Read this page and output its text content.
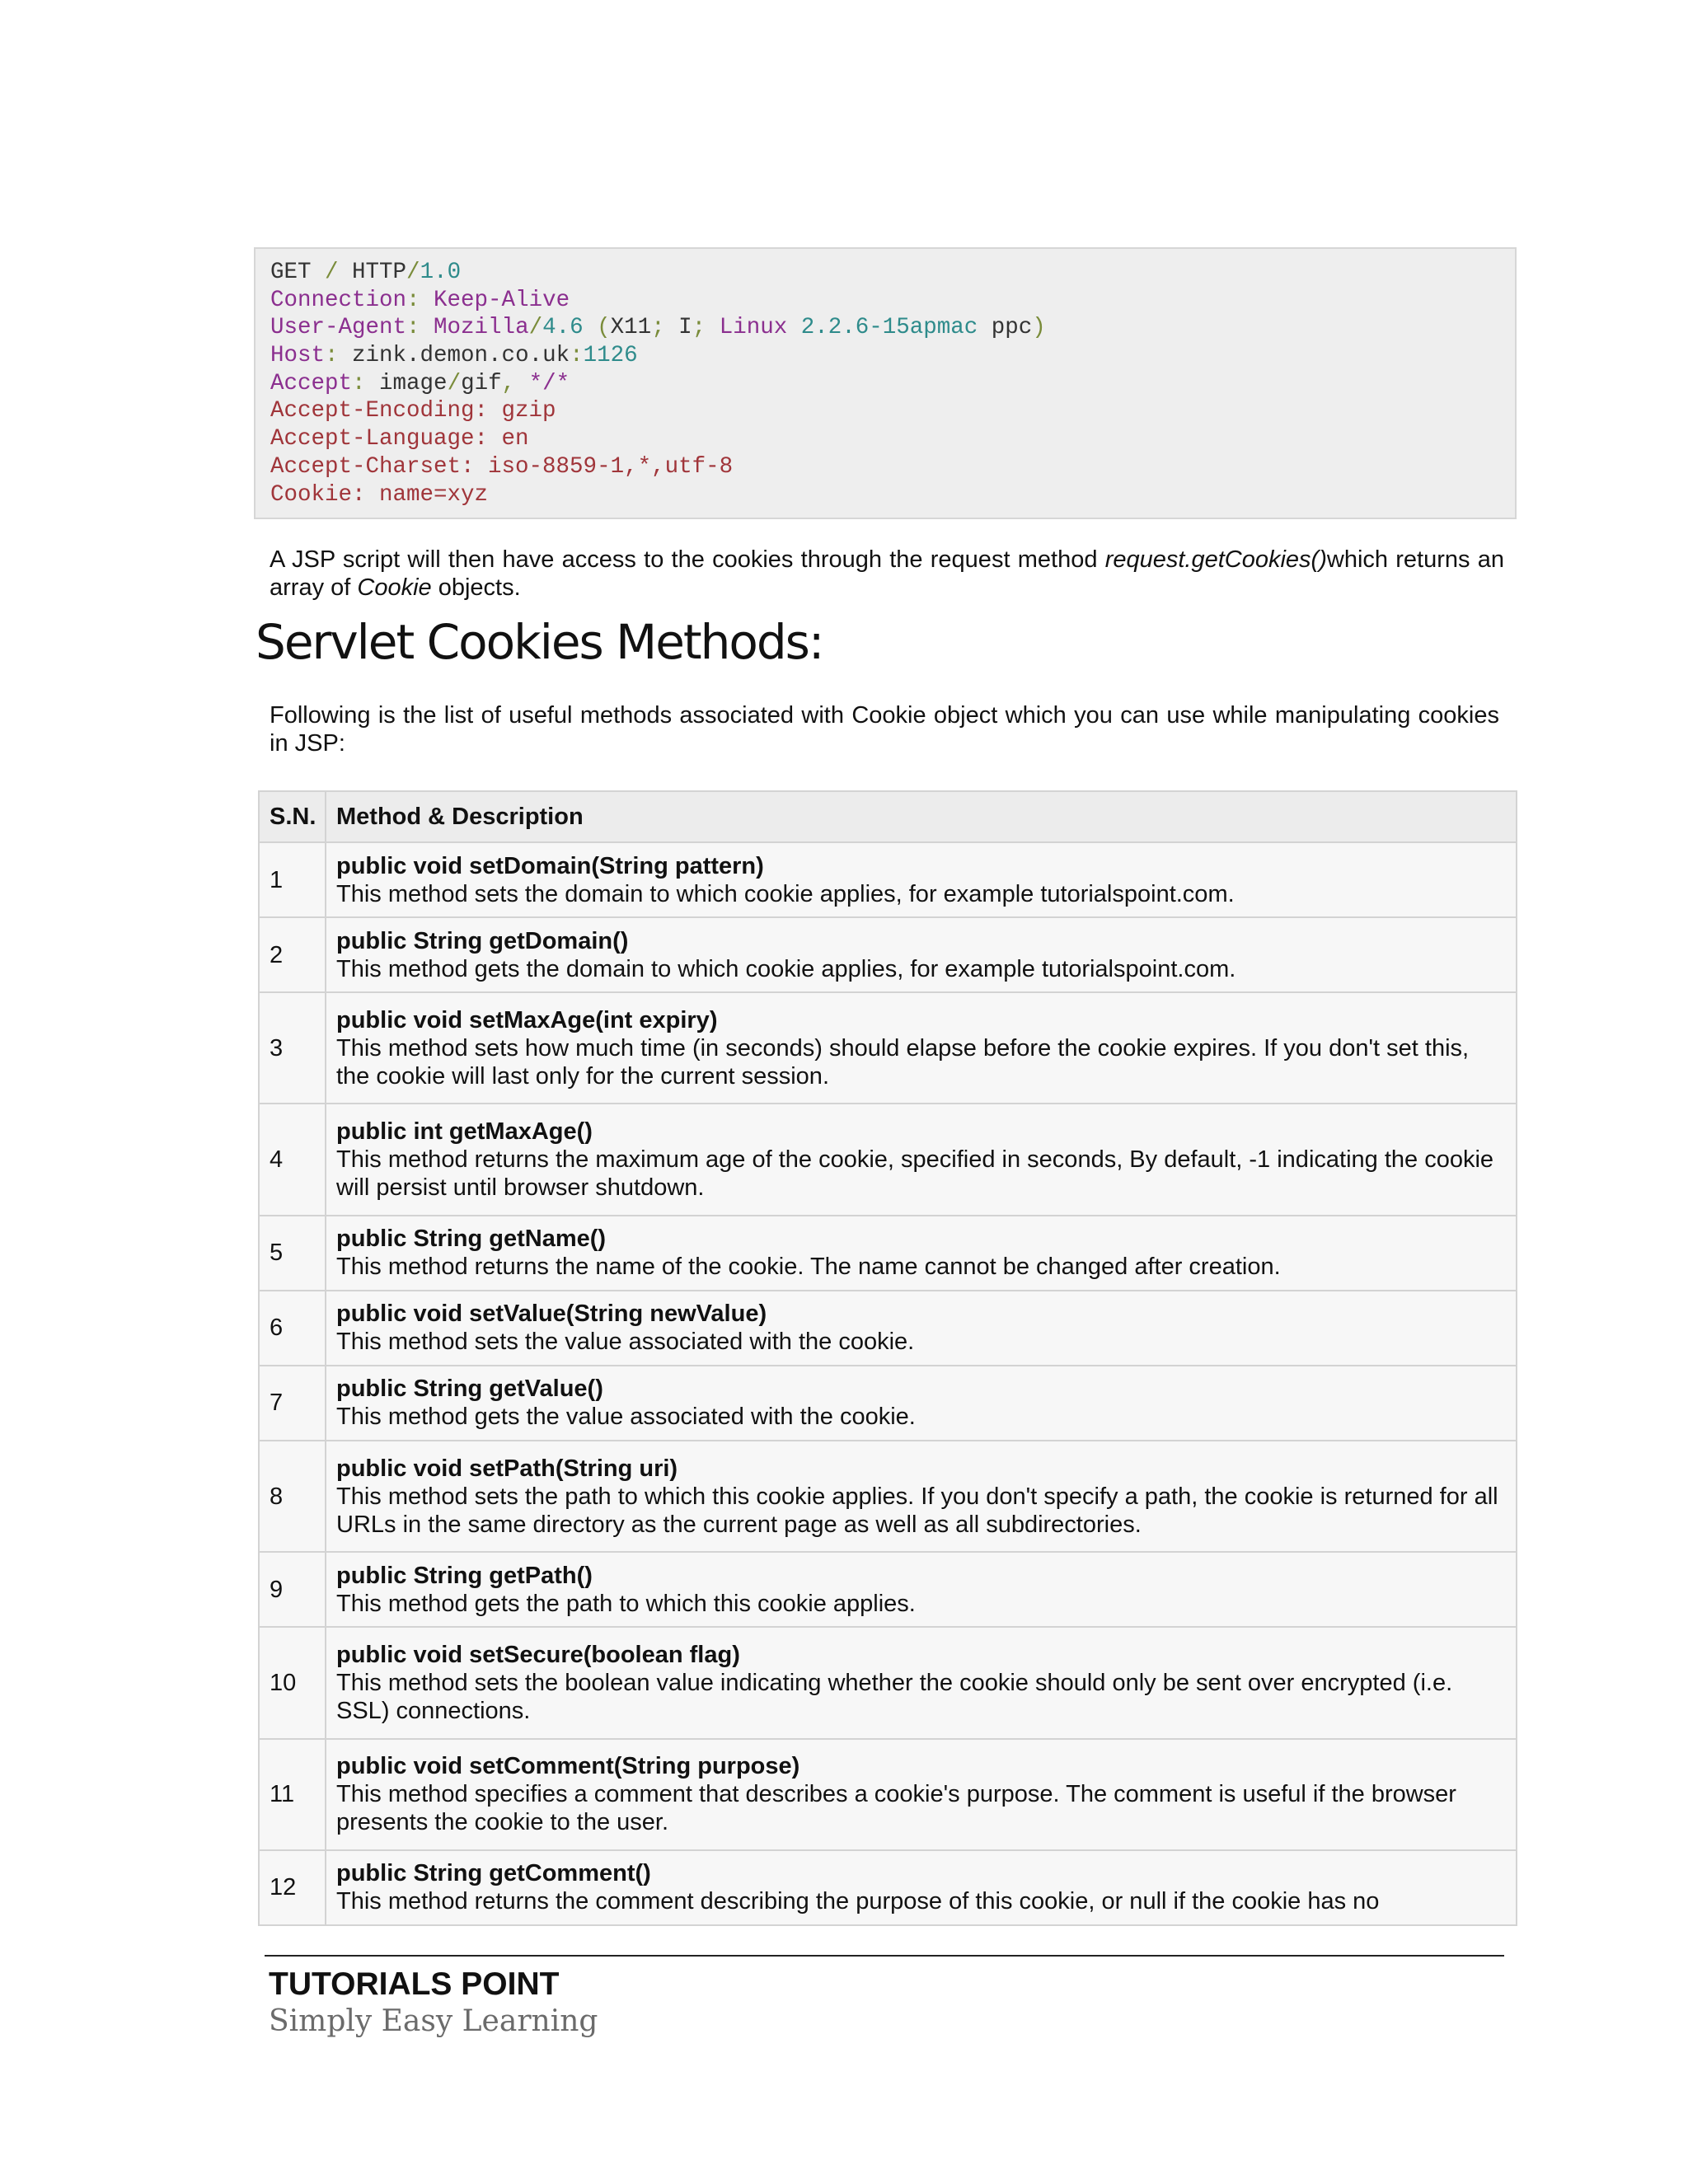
GET / HTTP/1.0
Connection: Keep-Alive
User-Agent: Mozilla/4.6 (X11; I; Linux 2.2.6-15apmac ppc)
Host: zink.demon.co.uk:1126
Accept: image/gif, */*
Accept-Encoding: gzip
Accept-Language: en
Accept-Charset: iso-8859-1,*,utf-8
Cookie: name=xyz

A JSP script will then have access to the cookies through the request method request.getCookies()which returns an array of Cookie objects.

Servlet Cookies Methods:

Following is the list of useful methods associated with Cookie object which you can use while manipulating cookies in JSP:

S.N.	Method & Description
1	public void setDomain(String pattern)
This method sets the domain to which cookie applies, for example tutorialspoint.com.

2	public String getDomain()
This method gets the domain to which cookie applies, for example tutorialspoint.com.

3	public void setMaxAge(int expiry)
This method sets how much time (in seconds) should elapse before the cookie expires. If you don't set this, the cookie will last only for the current session.

4	public int getMaxAge()
This method returns the maximum age of the cookie, specified in seconds, By default, -1 indicating the cookie will persist until browser shutdown.

5	public String getName()
This method returns the name of the cookie. The name cannot be changed after creation.

6	public void setValue(String newValue)
This method sets the value associated with the cookie.

7	public String getValue()
This method gets the value associated with the cookie.

8	public void setPath(String uri)
This method sets the path to which this cookie applies. If you don't specify a path, the cookie is returned for all URLs in the same directory as the current page as well as all subdirectories.

9	public String getPath()
This method gets the path to which this cookie applies.

10	public void setSecure(boolean flag)
This method sets the boolean value indicating whether the cookie should only be sent over encrypted (i.e. SSL) connections.

11	public void setComment(String purpose)
This method specifies a comment that describes a cookie's purpose. The comment is useful if the browser presents the cookie to the user.

12	public String getComment()
This method returns the comment describing the purpose of this cookie, or null if the cookie has no
TUTORIALS POINT
Simply Easy Learning
